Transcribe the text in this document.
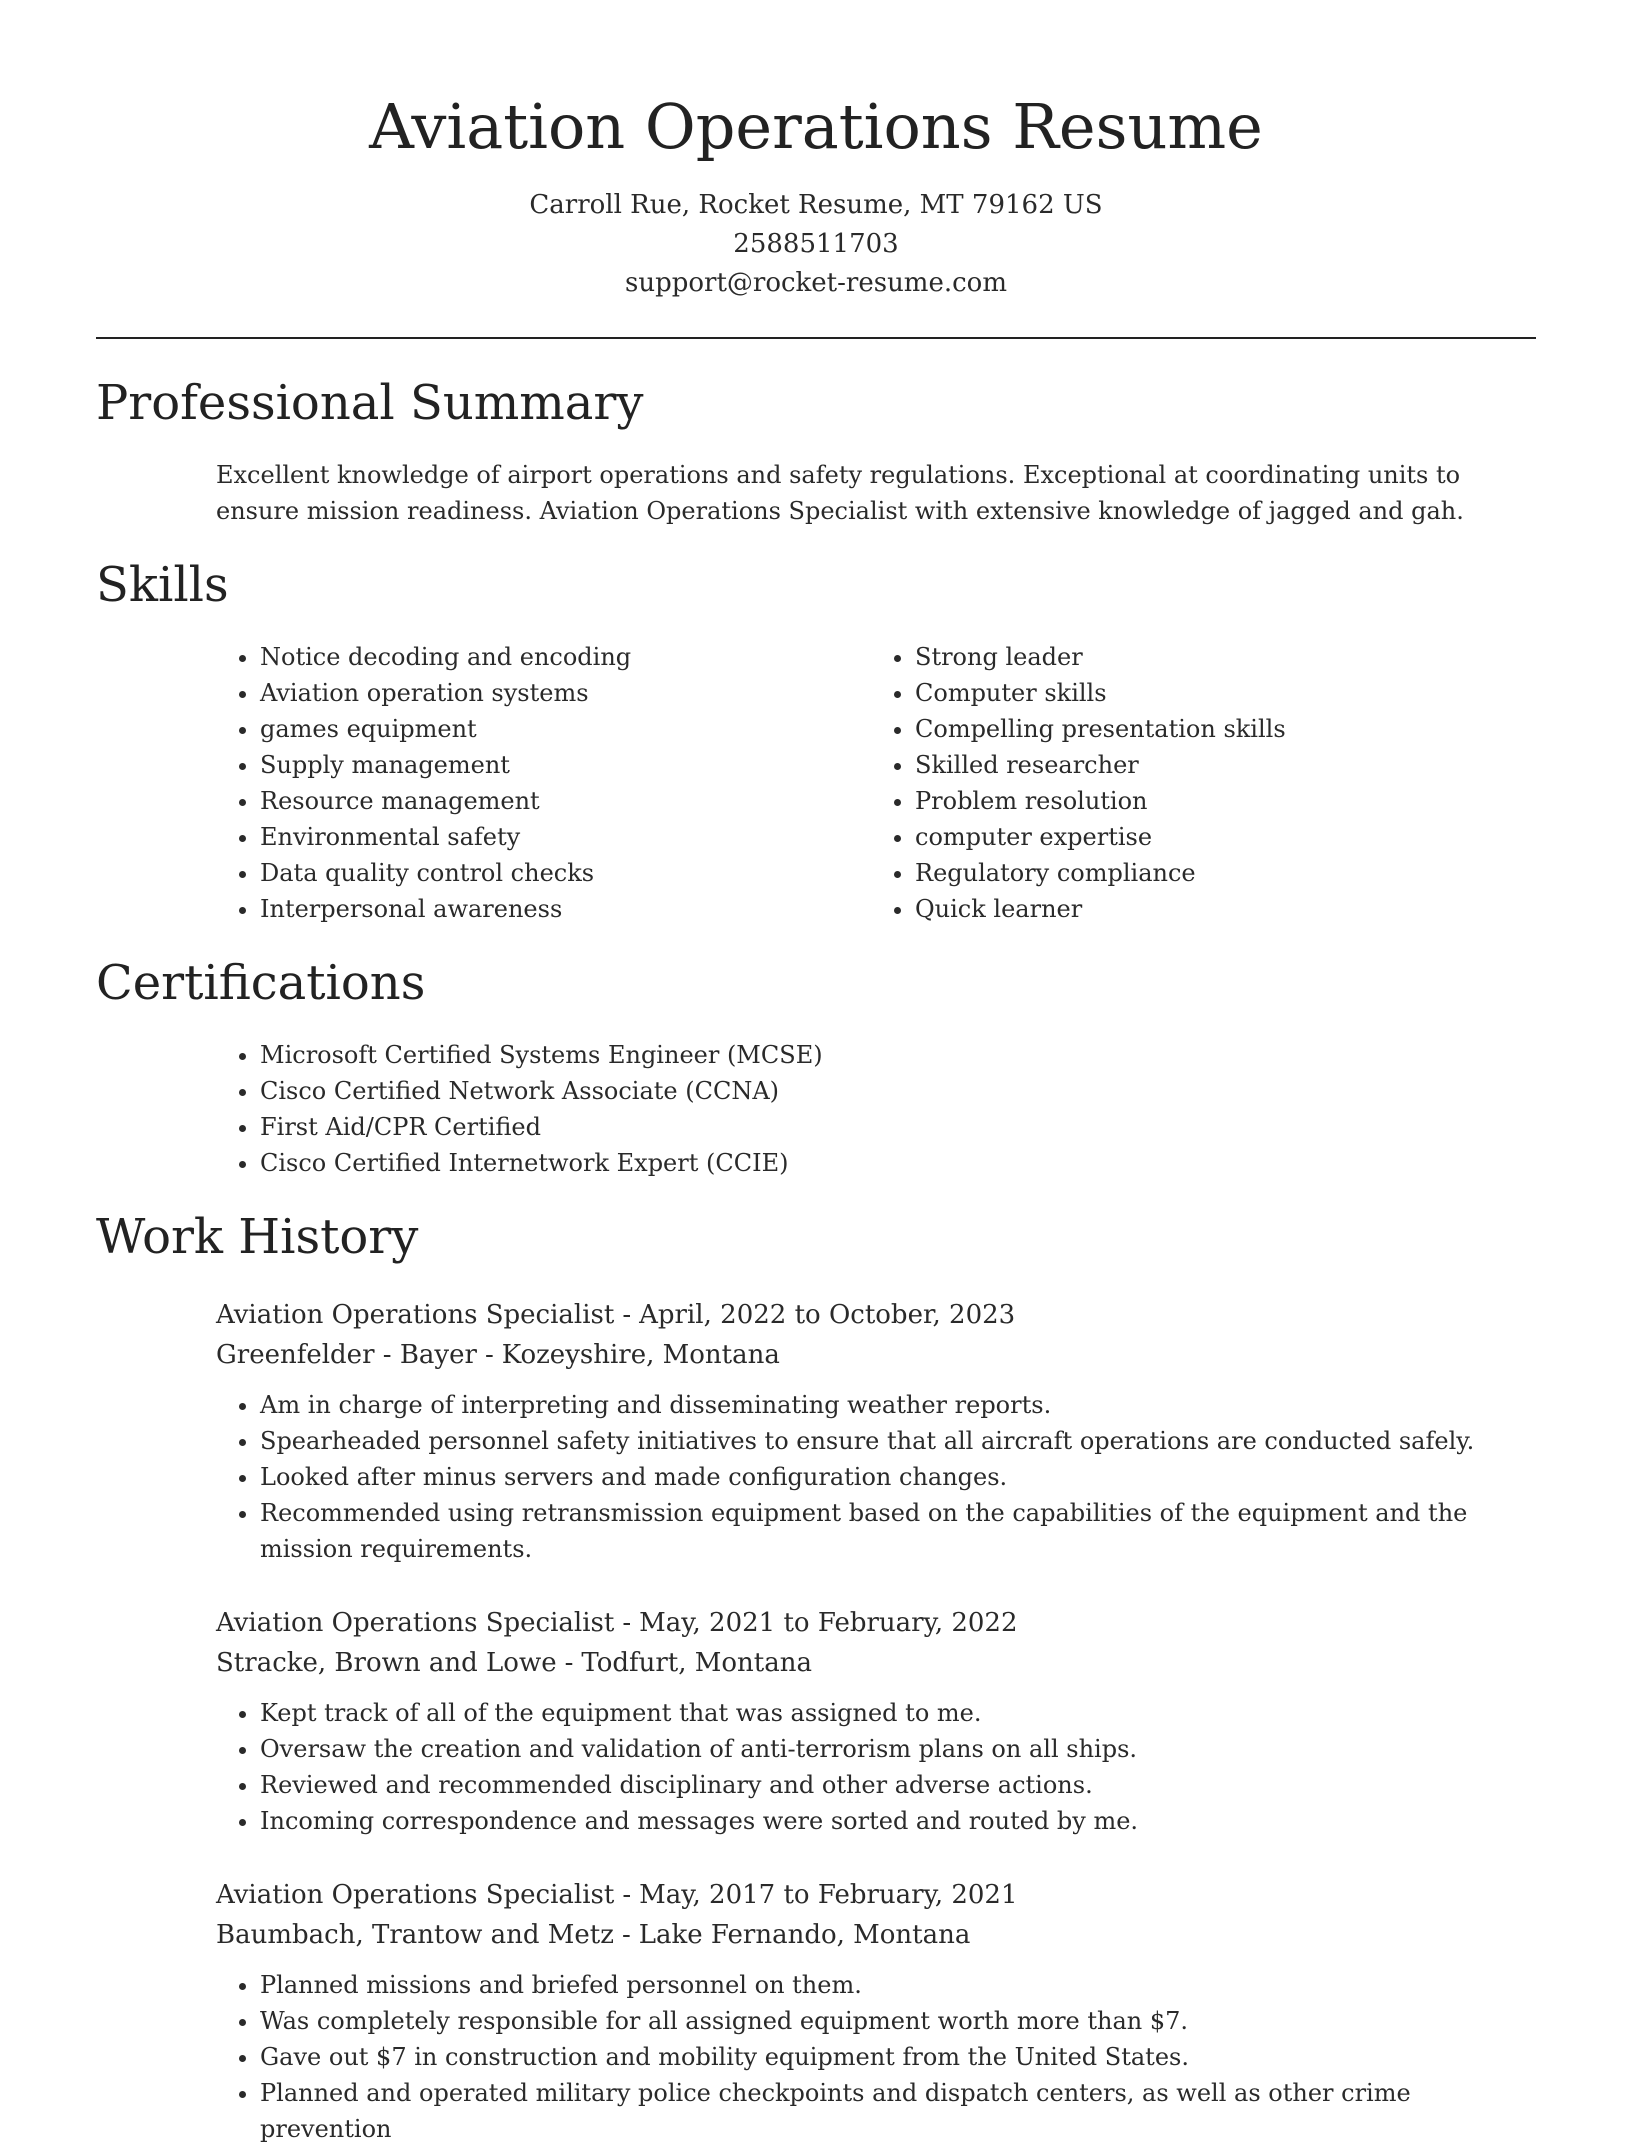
Aviation Operations Resume
Carroll Rue, Rocket Resume, MT 79162 US
2588511703
support@rocket-resume.com
Professional Summary

Excellent knowledge of airport operations and safety regulations. Exceptional at coordinating units to ensure mission readiness. Aviation Operations Specialist with extensive knowledge of jagged and gah.

Skills
• Notice decoding and encoding
• Aviation operation systems
• games equipment
• Supply management
• Resource management
• Environmental safety
• Data quality control checks
• Interpersonal awareness
• Strong leader
• Computer skills
• Compelling presentation skills
• Skilled researcher
• Problem resolution
• computer expertise
• Regulatory compliance
• Quick learner
Certifications
• Microsoft Certified Systems Engineer (MCSE)
• Cisco Certified Network Associate (CCNA)
• First Aid/CPR Certified
• Cisco Certified Internetwork Expert (CCIE)
Work History
Aviation Operations Specialist - April, 2022 to October, 2023
Greenfelder - Bayer - Kozeyshire, Montana
• Am in charge of interpreting and disseminating weather reports.
• Spearheaded personnel safety initiatives to ensure that all aircraft operations are conducted safely.
• Looked after minus servers and made configuration changes.
• Recommended using retransmission equipment based on the capabilities of the equipment and the mission requirements.
Aviation Operations Specialist - May, 2021 to February, 2022
Stracke, Brown and Lowe - Todfurt, Montana
• Kept track of all of the equipment that was assigned to me.
• Oversaw the creation and validation of anti-terrorism plans on all ships.
• Reviewed and recommended disciplinary and other adverse actions.
• Incoming correspondence and messages were sorted and routed by me.
Aviation Operations Specialist - May, 2017 to February, 2021
Baumbach, Trantow and Metz - Lake Fernando, Montana
• Planned missions and briefed personnel on them.
• Was completely responsible for all assigned equipment worth more than $7.
• Gave out $7 in construction and mobility equipment from the United States.
• Planned and operated military police checkpoints and dispatch centers, as well as other crime prevention
